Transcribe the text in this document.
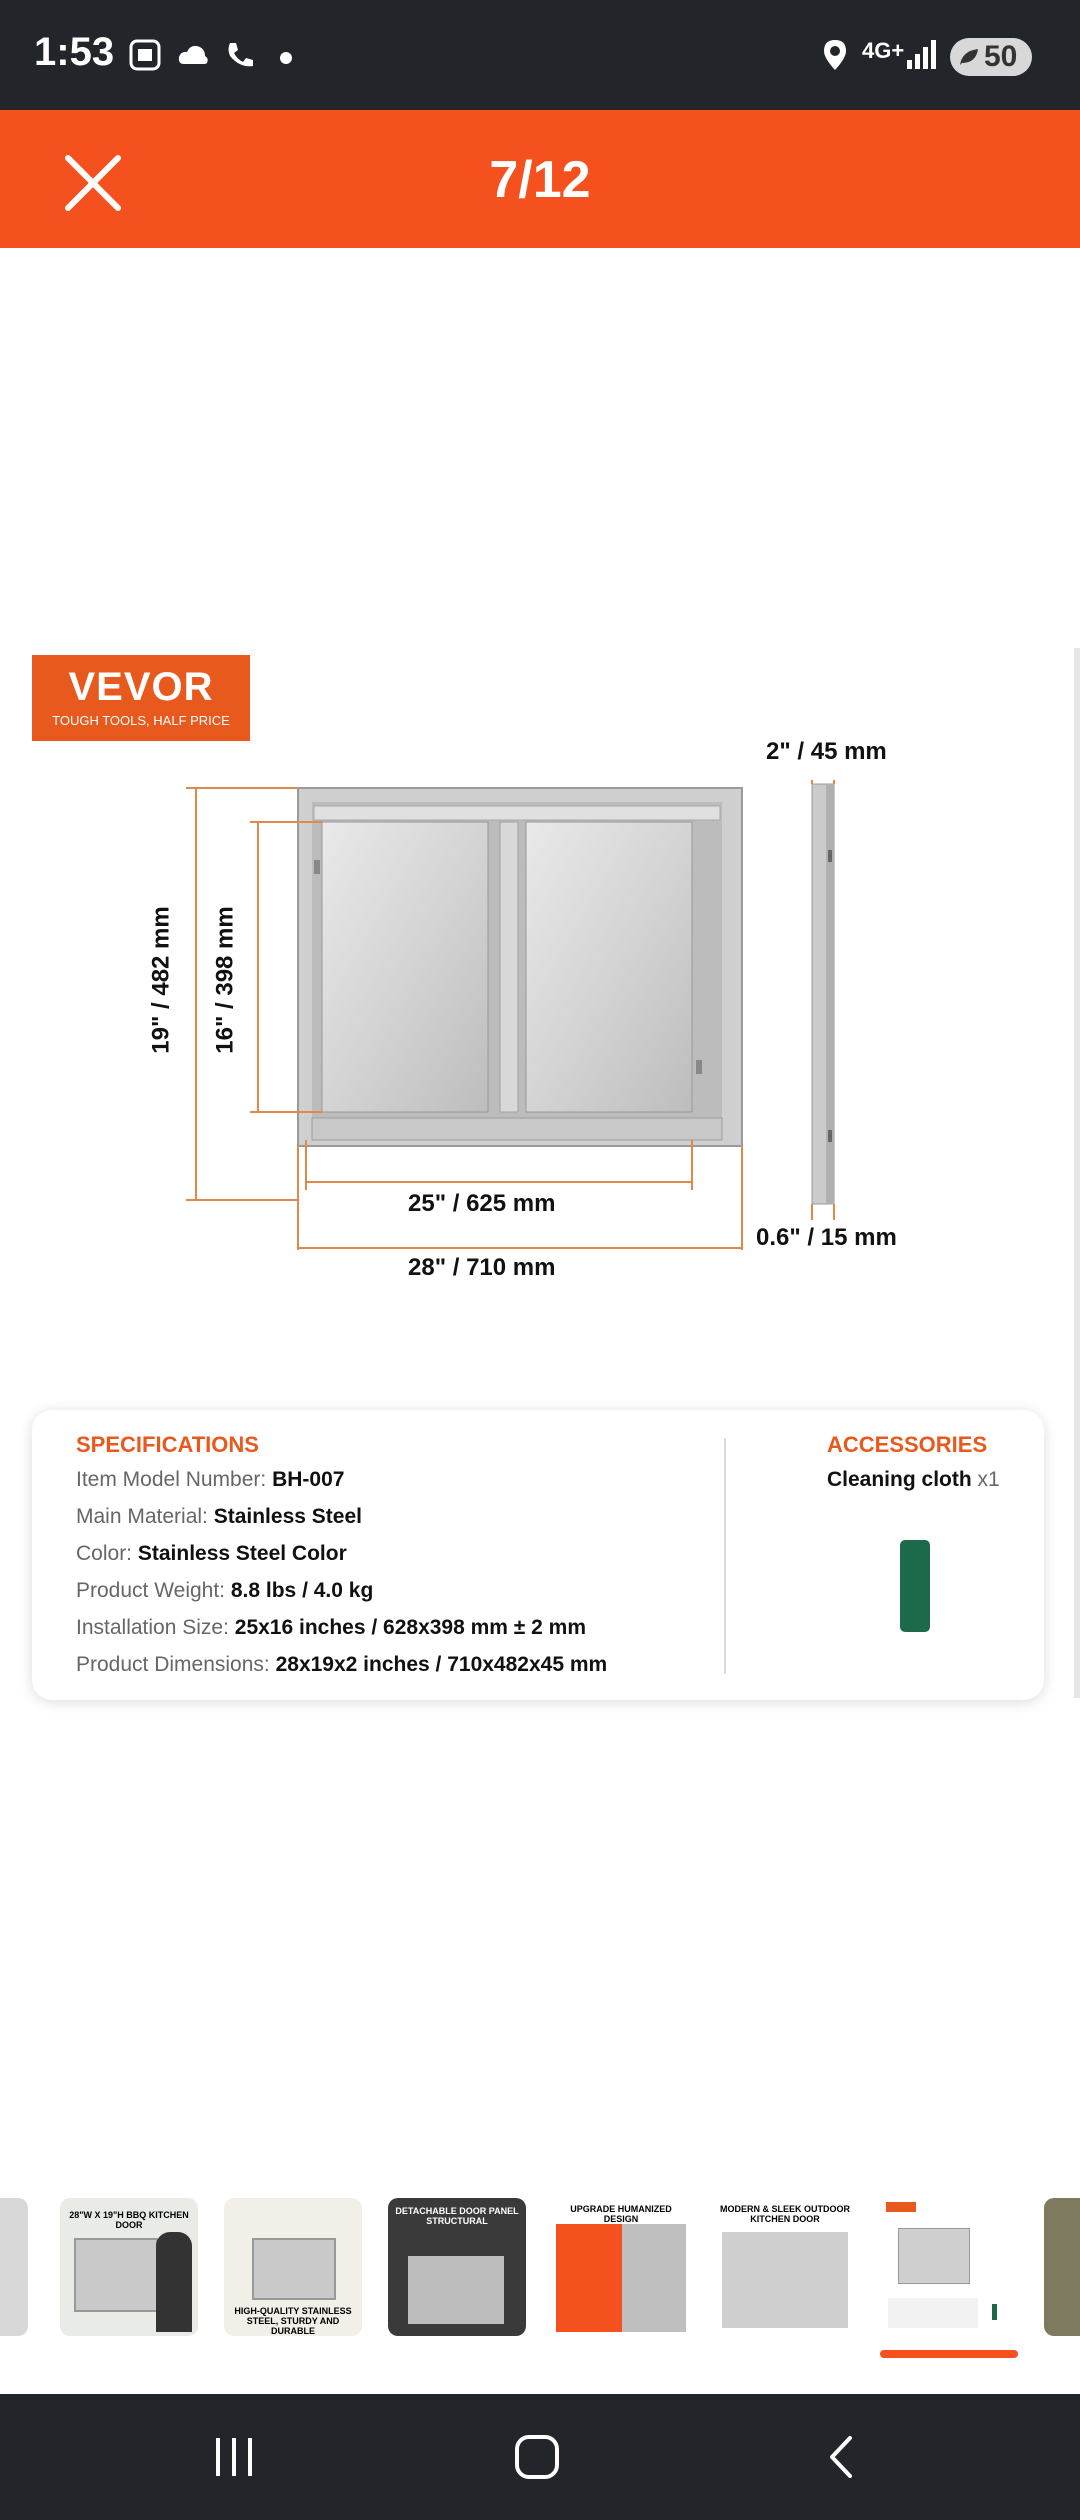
1:53	4G+	50
7/12
VEVOR
TOUGH TOOLS, HALF PRICE
19" / 482 mm 16" / 398 mm
2" / 45 mm
25" / 625 mm
0.6" / 15 mm
28" / 710 mm
SPECIFICATIONS
Item Model Number: BH-007
Main Material: Stainless Steel
Color: Stainless Steel Color
Product Weight: 8.8 lbs / 4.0 kg
Installation Size: 25x16 inches / 628x398 mm ± 2 mm
Product Dimensions: 28x19x2 inches / 710x482x45 mm
ACCESSORIES
Cleaning cloth x1
28"W X 19"H BBQ KITCHEN DOOR
HIGH-QUALITY STAINLESS STEEL, STURDY AND DURABLE
DETACHABLE DOOR PANEL STRUCTURAL
UPGRADE HUMANIZED DESIGN
MODERN & SLEEK OUTDOOR KITCHEN DOOR
